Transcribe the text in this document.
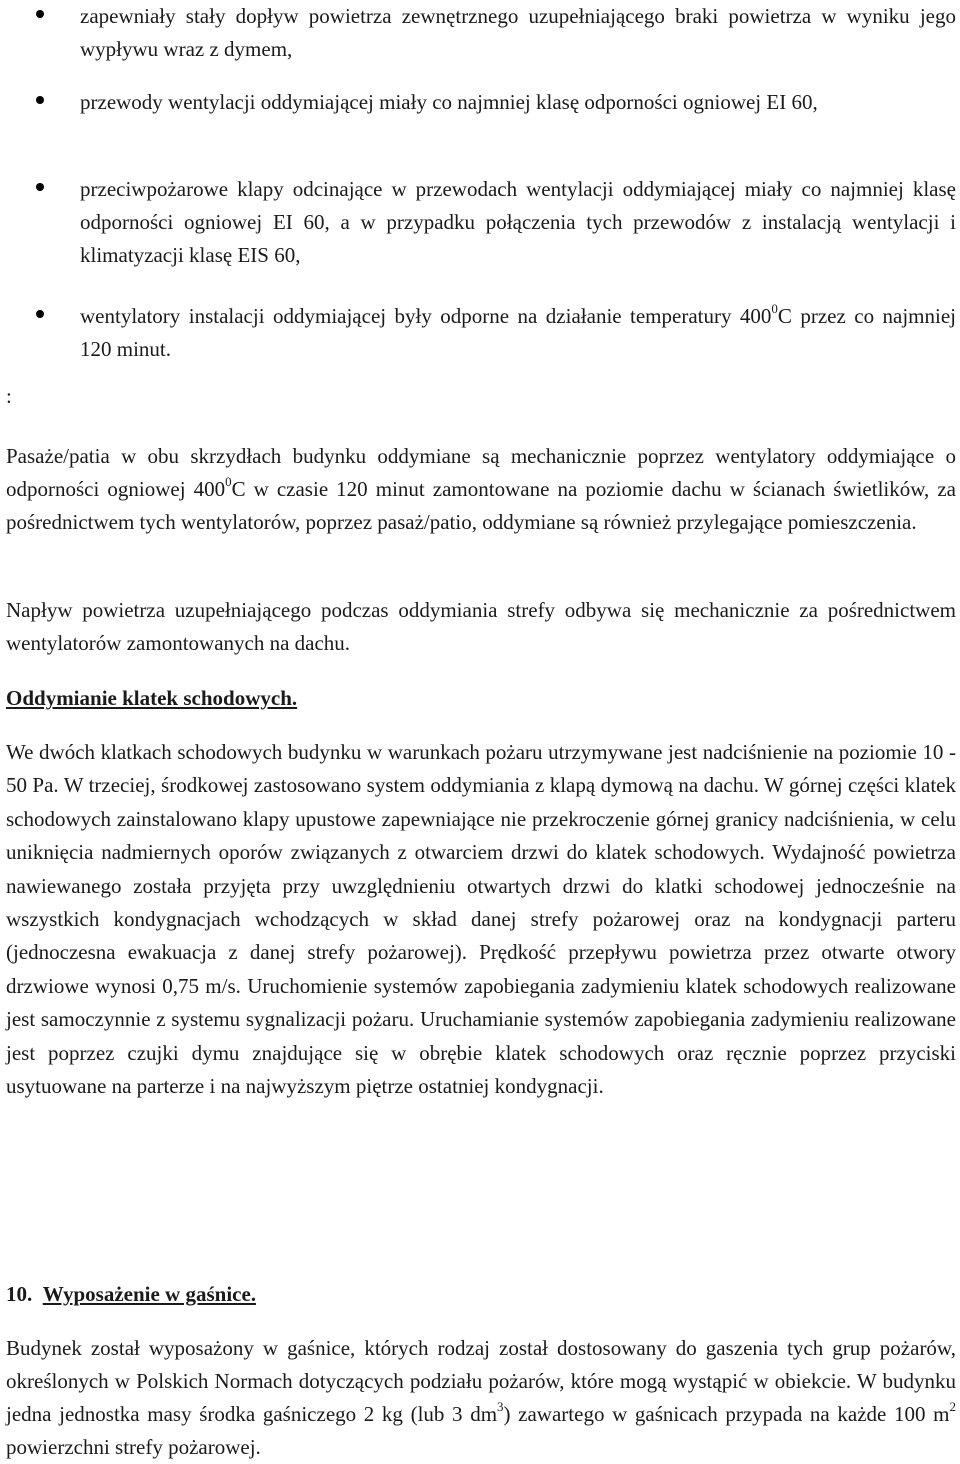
zapewniały stały dopływ powietrza zewnętrznego uzupełniającego braki powietrza w wyniku jego wypływu wraz z dymem,
przewody wentylacji oddymiającej miały co najmniej klasę odporności ogniowej EI 60,
przeciwpożarowe klapy odcinające w przewodach wentylacji oddymiającej miały co najmniej klasę odporności ogniowej EI 60, a w przypadku połączenia tych przewodów z instalacją wentylacji i klimatyzacji klasę EIS 60,
wentylatory instalacji oddymiającej były odporne na działanie temperatury $400^0C$ przez co najmniej 120 minut.
:
Pasaże/patia w obu skrzydłach budynku oddymiane są mechanicznie poprzez wentylatory oddymiające o odporności ogniowej $400^0C$ w czasie 120 minut zamontowane na poziomie dachu w ścianach świetlików, za pośrednictwem tych wentylatorów, poprzez pasaż/patio, oddymiane są również przylegające pomieszczenia.
Napływ powietrza uzupełniającego podczas oddymiania strefy odbywa się mechanicznie za pośrednictwem wentylatorów zamontowanych na dachu.
Oddymianie klatek schodowych.
We dwóch klatkach schodowych budynku w warunkach pożaru utrzymywane jest nadciśnienie na poziomie 10 - 50 Pa. W trzeciej, środkowej zastosowano system oddymiania z klapą dymową na dachu. W górnej części klatek schodowych zainstalowano klapy upustowe zapewniające nie przekroczenie górnej granicy nadciśnienia, w celu uniknięcia nadmiernych oporów związanych z otwarciem drzwi do klatek schodowych. Wydajność powietrza nawiewanego została przyjęta przy uwzględnieniu otwartych drzwi do klatki schodowej jednocześnie na wszystkich kondygnacjach wchodzących w skład danej strefy pożarowej oraz na kondygnacji parteru (jednoczesna ewakuacja z danej strefy pożarowej). Prędkość przepływu powietrza przez otwarte otwory drzwiowe wynosi 0,75 m/s. Uruchomienie systemów zapobiegania zadymieniu klatek schodowych realizowane jest samoczynnie z systemu sygnalizacji pożaru. Uruchamianie systemów zapobiegania zadymieniu realizowane jest poprzez czujki dymu znajdujące się w obrębie klatek schodowych oraz ręcznie poprzez przyciski usytuowane na parterze i na najwyższym piętrze ostatniej kondygnacji.
10. Wyposażenie w gaśnice.
Budynek został wyposażony w gaśnice, których rodzaj został dostosowany do gaszenia tych grup pożarów, określonych w Polskich Normach dotyczących podziału pożarów, które mogą wystąpić w obiekcie. W budynku jedna jednostka masy środka gaśniczego 2 kg (lub 3 $dm^3$) zawartego w gaśnicach przypada na każde 100 $m^2$ powierzchni strefy pożarowej.
